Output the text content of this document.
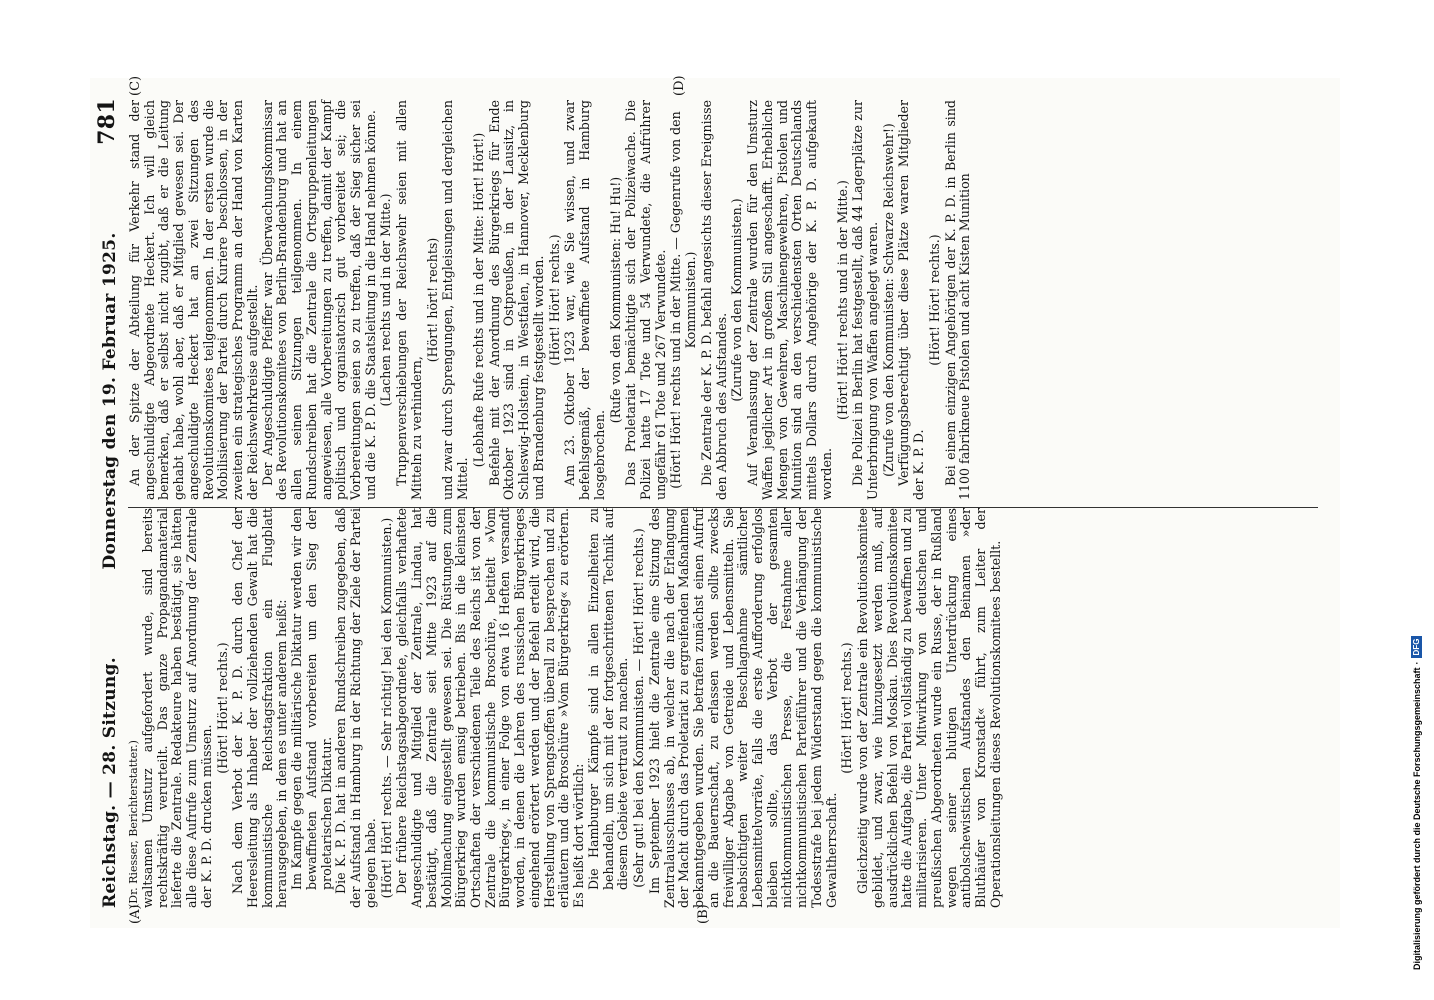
Reichstag. — 28. Sitzung.
Donnerstag den 19. Februar 1925.
781
(A)	(B)
(C)	(D)

(Dr. Riesser, Berichterstatter.) waltsamen Umsturz aufgefordert wurde, sind bereits rechtskräftig verurteilt. Das ganze Propagandamaterial lieferte die Zentrale. Redakteure haben bestätigt, sie hätten alle diese Aufrufe zum Umsturz auf Anordnung der Zentrale der K. P. D. drucken müssen.

(Hört! Hört! rechts.) Nach dem Verbot der K. P. D. durch den Chef der Heeresleitung als Inhaber der vollziehenden Gewalt hat die kommunistische Reichstagsfraktion ein Flugblatt herausgegeben, in dem es unter anderem heißt: Im Kampfe gegen die militärische Diktatur werden wir den bewaffneten Aufstand vorbereiten um den Sieg der proletarischen Diktatur. Die K. P. D. hat in anderen Rundschreiben zugegeben, daß der Aufstand in Hamburg in der Richtung der Ziele der Partei gelegen habe. (Hört! Hört! rechts. — Sehr richtig! bei den Kommunisten.) Der frühere Reichstagsabgeordnete, gleichfalls verhaftete Angeschuldigte und Mitglied der Zentrale, Lindau, hat bestätigt, daß die Zentrale seit Mitte 1923 auf die Mobilmachung eingestellt gewesen sei. Die Rüstungen zum Bürgerkrieg wurden emsig betrieben. Bis in die kleinsten Ortschaften der verschiedenen Teile des Reichs ist von der Zentrale die kommunistische Broschüre, betitelt »Vom Bürgerkrieg«, in einer Folge von etwa 16 Heften versandt worden, in denen die Lehren des russischen Bürgerkrieges eingehend erörtert werden und der Befehl erteilt wird, die Herstellung von Sprengstoffen überall zu besprechen und zu erläutern und die Broschüre »Vom Bürgerkrieg« zu erörtern. Es heißt dort wörtlich: Die Hamburger Kämpfe sind in allen Einzelheiten zu behandeln, um sich mit der fortgeschrittenen Technik auf diesem Gebiete vertraut zu machen. (Sehr gut! bei den Kommunisten. — Hört! Hört! rechts.) Im September 1923 hielt die Zentrale eine Sitzung des Zentralausschusses ab, in welcher die nach der Erlangung der Macht durch das Proletariat zu ergreifenden Maßnahmen bekanntgegeben wurden. Sie betrafen zunächst einen Aufruf an die Bauernschaft, zu erlassen werden sollte zwecks freiwilliger Abgabe von Getreide und Lebensmitteln. Sie beabsichtigten weiter Beschlagnahme sämtlicher Lebensmittelvorräte, falls die erste Aufforderung erfolglos bleiben sollte, das Verbot der gesamten nichtkommunistischen Presse, die Festnahme aller nichtkommunistischen Parteiführer und die Verhängung der Todesstrafe bei jedem Widerstand gegen die kommunistische Gewaltherrschaft.

(Hört! Hört! rechts.) Gleichzeitig wurde von der Zentrale ein Revolutionskomitee gebildet, und zwar, wie hinzugesetzt werden muß, auf ausdrücklichen Befehl von Moskau. Dies Revolutionskomitee hatte die Aufgabe, die Partei vollständig zu bewaffnen und zu militarisieren. Unter Mitwirkung von deutschen und preußischen Abgeordneten wurde ein Russe, der in Rußland wegen seiner blutigen Unterdrückung eines antibolschewistischen Aufstandes den Beinamen »der Bluthäufer von Kronstadt« führt, zum Leiter der Operationsleitungen dieses Revolutionskomitees bestellt.

An der Spitze der Abteilung für Verkehr stand der angeschuldigte Abgeordnete Heckert. Ich will gleich bemerken, daß er selbst nicht zugibt, daß er die Leitung gehabt habe, wohl aber, daß er Mitglied gewesen sei. Der angeschuldigte Heckert hat an zwei Sitzungen des Revolutionskomitees teilgenommen. In der ersten wurde die Mobilisierung der Partei durch Kuriere beschlossen, in der zweiten ein strategisches Programm an der Hand von Karten der Reichswehrkreise aufgestellt. Der Angeschuldigte Pfeiffer war Überwachungskommissar des Revolutionskomitees von Berlin-Brandenburg und hat an allen seinen Sitzungen teilgenommen. In einem Rundschreiben hat die Zentrale die Ortsgruppenleitungen angewiesen, alle Vorbereitungen zu treffen, damit der Kampf politisch und organisatorisch gut vorbereitet sei; die Vorbereitungen seien so zu treffen, daß der Sieg sicher sei und die K. P. D. die Staatsleitung in die Hand nehmen könne. (Lachen rechts und in der Mitte.) Truppenverschiebungen der Reichswehr seien mit allen Mitteln zu verhindern,

(Hört! hört! rechts) und zwar durch Sprengungen, Entgleisungen und dergleichen Mittel.

(Lebhafte Rufe rechts und in der Mitte: Hört! Hört!) Befehle mit der Anordnung des Bürgerkriegs für Ende Oktober 1923 sind in Ostpreußen, in der Lausitz, in Schleswig-Holstein, in Westfalen, in Hannover, Mecklenburg und Brandenburg festgestellt worden. (Hört! Hört! rechts.) Am 23. Oktober 1923 war, wie Sie wissen, und zwar befehlsgemäß, der bewaffnete Aufstand in Hamburg losgebrochen.

(Rufe von den Kommunisten: Hu! Hu!) Das Proletariat bemächtigte sich der Polizeiwache. Die Polizei hatte 17 Tote und 54 Verwundete, die Aufrührer ungefähr 61 Tote und 267 Verwundete. (Hört! Hört! rechts und in der Mitte. — Gegenrufe von den Kommunisten.) Die Zentrale der K. P. D. befahl angesichts dieser Ereignisse den Abbruch des Aufstandes.

(Zurufe von den Kommunisten.) Auf Veranlassung der Zentrale wurden für den Umsturz Waffen jeglicher Art in großem Stil angeschafft. Erhebliche Mengen von Gewehren, Maschinengewehren, Pistolen und Munition sind an den verschiedensten Orten Deutschlands mittels Dollars durch Angehörige der K. P. D. aufgekauft worden.

(Hört! Hört! rechts und in der Mitte.) Die Polizei in Berlin hat festgestellt, daß 44 Lagerplätze zur Unterbringung von Waffen angelegt waren. (Zurufe von den Kommunisten: Schwarze Reichswehr!) Verfügungsberechtigt über diese Plätze waren Mitglieder der K. P. D.

(Hört! Hört! rechts.) Bei einem einzigen Angehörigen der K. P. D. in Berlin sind 1100 fabrikneue Pistolen und acht Kisten Munition

Digitalisierung gefördert durch die Deutsche Forschungsgemeinschaft
·
DFG
